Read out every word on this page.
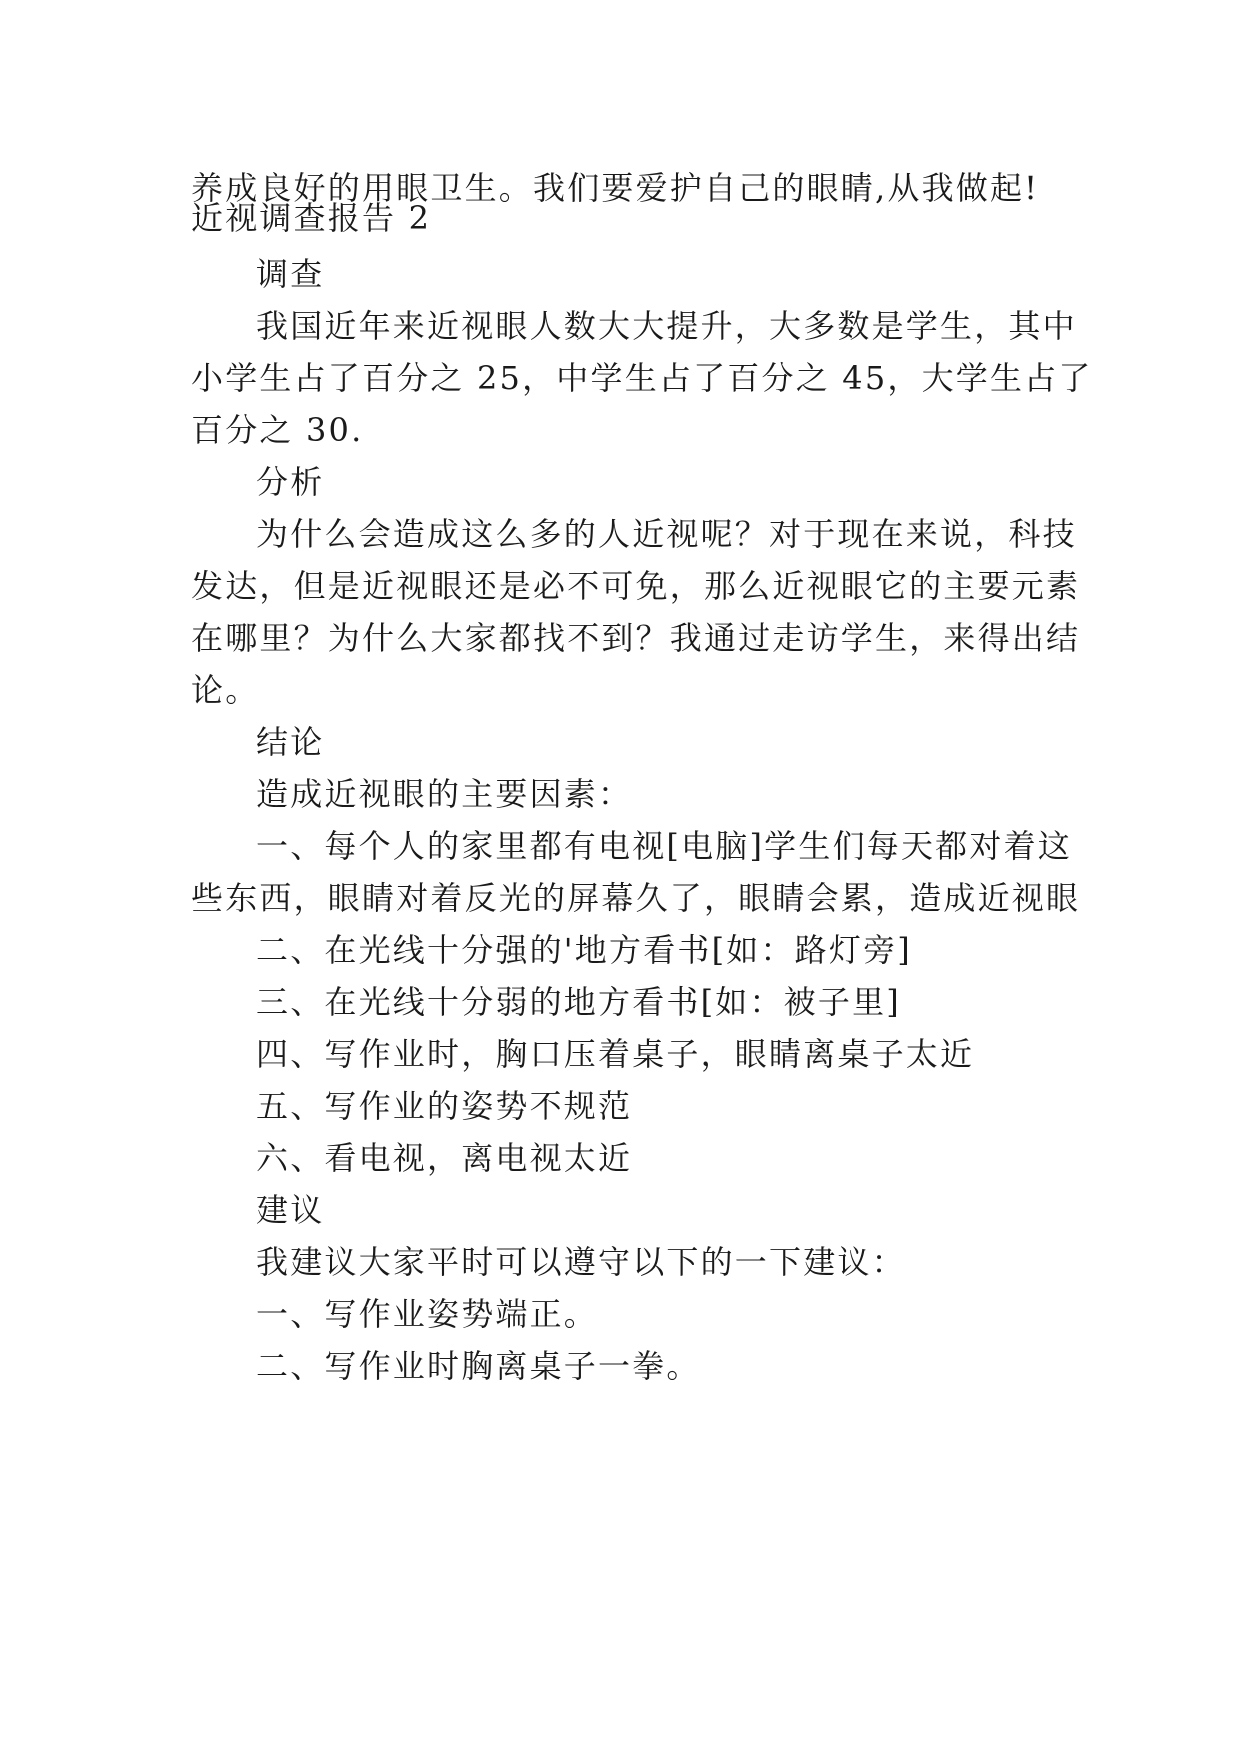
养成良好的用眼卫生。我们要爱护自己的眼睛,从我做起!
近视调查报告 2
调查
我国近年来近视眼人数大大提升，大多数是学生，其中
小学生占了百分之 25，中学生占了百分之 45，大学生占了
百分之 30.
分析
为什么会造成这么多的人近视呢？对于现在来说，科技
发达，但是近视眼还是必不可免，那么近视眼它的主要元素
在哪里？为什么大家都找不到？我通过走访学生，来得出结
论。
结论
造成近视眼的主要因素：
一、每个人的家里都有电视[电脑]学生们每天都对着这
些东西，眼睛对着反光的屏幕久了，眼睛会累，造成近视眼
二、在光线十分强的'地方看书[如：路灯旁]
三、在光线十分弱的地方看书[如：被子里]
四、写作业时，胸口压着桌子，眼睛离桌子太近
五、写作业的姿势不规范
六、看电视，离电视太近
建议
我建议大家平时可以遵守以下的一下建议：
一、写作业姿势端正。
二、写作业时胸离桌子一拳。
